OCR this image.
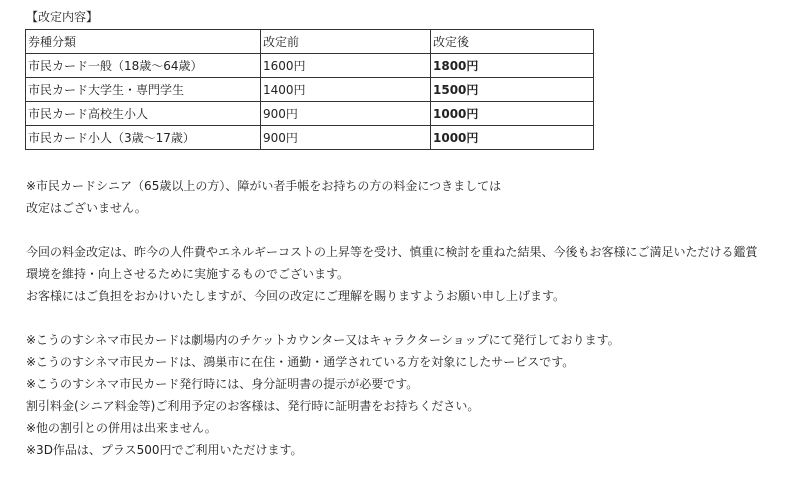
【改定内容】
券種分類	改定前	改定後
市民カード一般（18歳～64歳）	1600円	1800円
市民カード大学生・専門学生	1400円	1500円
市民カード高校生小人	900円	1000円
市民カード小人（3歳～17歳）	900円	1000円
※市民カードシニア（65歳以上の方）、障がい者手帳をお持ちの方の料金につきましては
改定はございません。
今回の料金改定は、昨今の人件費やエネルギーコストの上昇等を受け、慎重に検討を重ねた結果、今後もお客様にご満足いただける鑑賞
環境を維持・向上させるために実施するものでございます。
お客様にはご負担をおかけいたしますが、今回の改定にご理解を賜りますようお願い申し上げます。
※こうのすシネマ市民カードは劇場内のチケットカウンター又はキャラクターショップにて発行しております。
※こうのすシネマ市民カードは、鴻巣市に在住・通勤・通学されている方を対象にしたサービスです。
※こうのすシネマ市民カード発行時には、身分証明書の提示が必要です。
割引料金(シニア料金等)ご利用予定のお客様は、発行時に証明書をお持ちください。
※他の割引との併用は出来ません。
※3D作品は、プラス500円でご利用いただけます。
